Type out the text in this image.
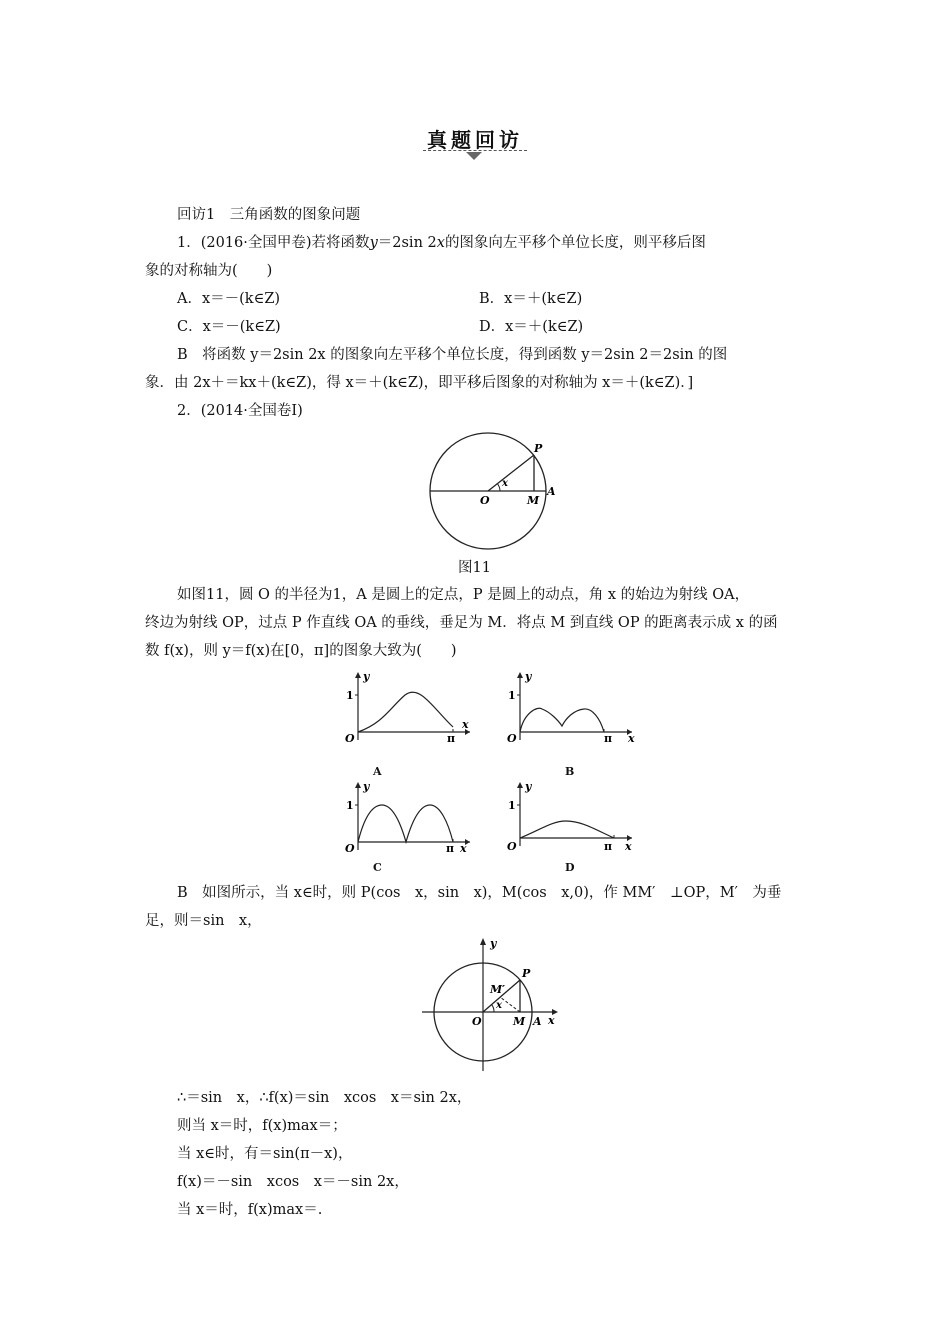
真题回访
回访1　三角函数的图象问题
1．(2016·全国甲卷)若将函数y＝2sin 2x的图象向左平移个单位长度，则平移后图
象的对称轴为(　　)
A．x＝－(k∈Z)	B．x＝＋(k∈Z)
C．x＝－(k∈Z)	D．x＝＋(k∈Z)
B　将函数 y＝2sin 2x 的图象向左平移个单位长度，得到函数 y＝2sin 2＝2sin 的图
象．由 2x＋＝kx＋(k∈Z)，得 x＝＋(k∈Z)，即平移后图象的对称轴为 x＝＋(k∈Z)．]
2．(2014·全国卷Ⅰ)
P
O
x
M
A
图11
如图11，圆 O 的半径为1，A 是圆上的定点，P 是圆上的动点，角 x 的始边为射线 OA，
终边为射线 OP，过点 P 作直线 OA 的垂线，垂足为 M．将点 M 到直线 OP 的距离表示成 x 的函
数 f(x)，则 y＝f(x)在[0，π]的图象大致为(　　)
1
y
O	π
x
A
1
y
O	π x
B
1
y
O	π x
C
1
y
O	π x
D
B　如图所示，当 x∈时，则 P(cos　x，sin　x)，M(cos　x,0)，作 MM′　⊥OP，M′　为垂
足，则＝sin　x，
y
P
M′
O
x
M A x
∴＝sin　x，∴f(x)＝sin　xcos　x＝sin 2x，
则当 x＝时，f(x)max＝；
当 x∈时，有＝sin(π－x)，
f(x)＝－sin　xcos　x＝－sin 2x，
当 x＝时，f(x)max＝.
